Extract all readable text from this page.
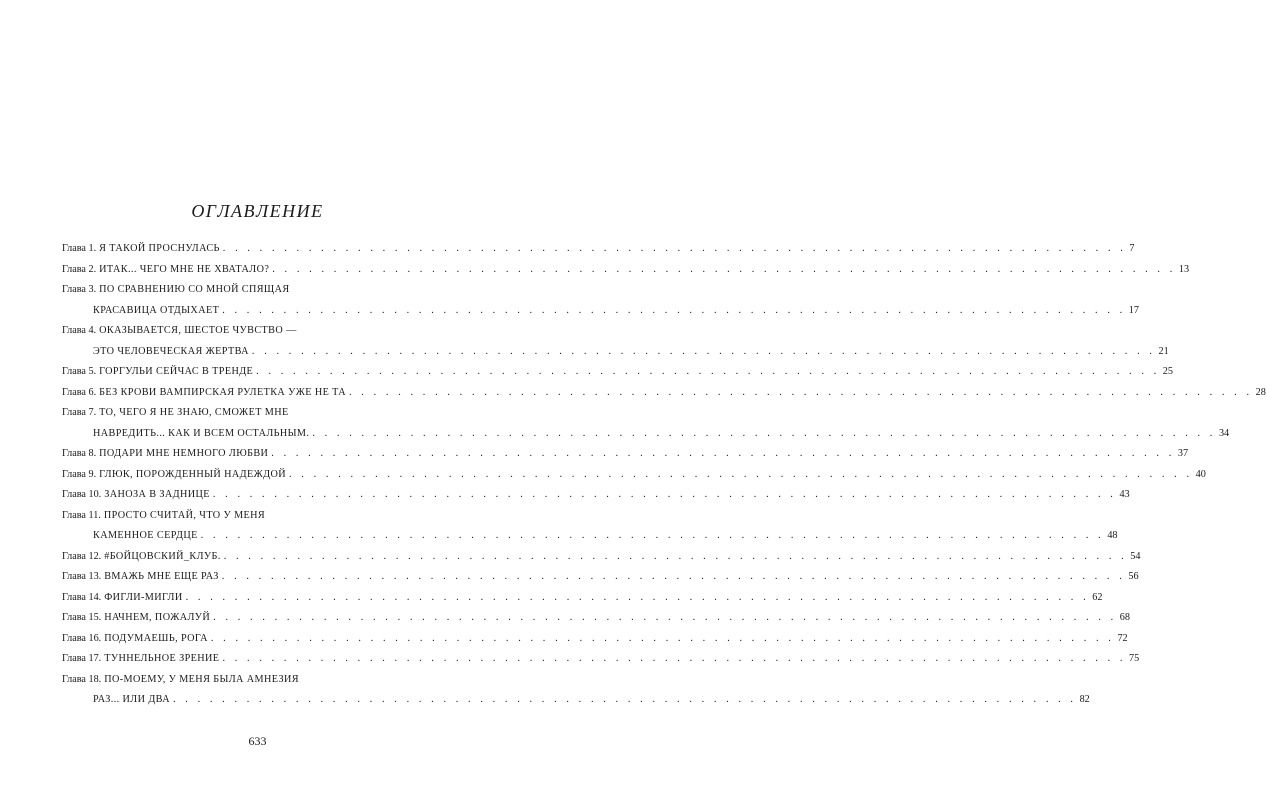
ОГЛАВЛЕНИЕ
Глава 1. Я ТАКОЙ ПРОСНУЛАСЬ . . .	7
Глава 2. ИТАК... ЧЕГО МНЕ НЕ ХВАТАЛО? . . .	13
Глава 3. ПО СРАВНЕНИЮ СО МНОЙ СПЯЩАЯ
КРАСАВИЦА ОТДЫХАЕТ . . .	17
Глава 4. ОКАЗЫВАЕТСЯ, ШЕСТОЕ ЧУВСТВО —
ЭТО ЧЕЛОВЕЧЕСКАЯ ЖЕРТВА . . .	21
Глава 5. ГОРГУЛЬИ СЕЙЧАС В ТРЕНДЕ . . .	25
Глава 6. БЕЗ КРОВИ ВАМПИРСКАЯ РУЛЕТКА УЖЕ НЕ ТА . . .	28
Глава 7. ТО, ЧЕГО Я НЕ ЗНАЮ, СМОЖЕТ МНЕ
НАВРЕДИТЬ... КАК И ВСЕМ ОСТАЛЬНЫМ. . . .	34
Глава 8. ПОДАРИ МНЕ НЕМНОГО ЛЮБВИ . . .	37
Глава 9. ГЛЮК, ПОРОЖДЕННЫЙ НАДЕЖДОЙ . . .	40
Глава 10. ЗАНОЗА В ЗАДНИЦЕ . . .	43
Глава 11. ПРОСТО СЧИТАЙ, ЧТО У МЕНЯ
КАМЕННОЕ СЕРДЦЕ . . .	48
Глава 12. #БОЙЦОВСКИЙ_КЛУБ. . . .	54
Глава 13. ВМАЖЬ МНЕ ЕЩЕ РАЗ . . .	56
Глава 14. ФИГЛИ-МИГЛИ . . .	62
Глава 15. НАЧНЕМ, ПОЖАЛУЙ . . .	68
Глава 16. ПОДУМАЕШЬ, РОГА . . .	72
Глава 17. ТУННЕЛЬНОЕ ЗРЕНИЕ . . .	75
Глава 18. ПО-МОЕМУ, У МЕНЯ БЫЛА АМНЕЗИЯ
РАЗ... ИЛИ ДВА . . .	82
633
